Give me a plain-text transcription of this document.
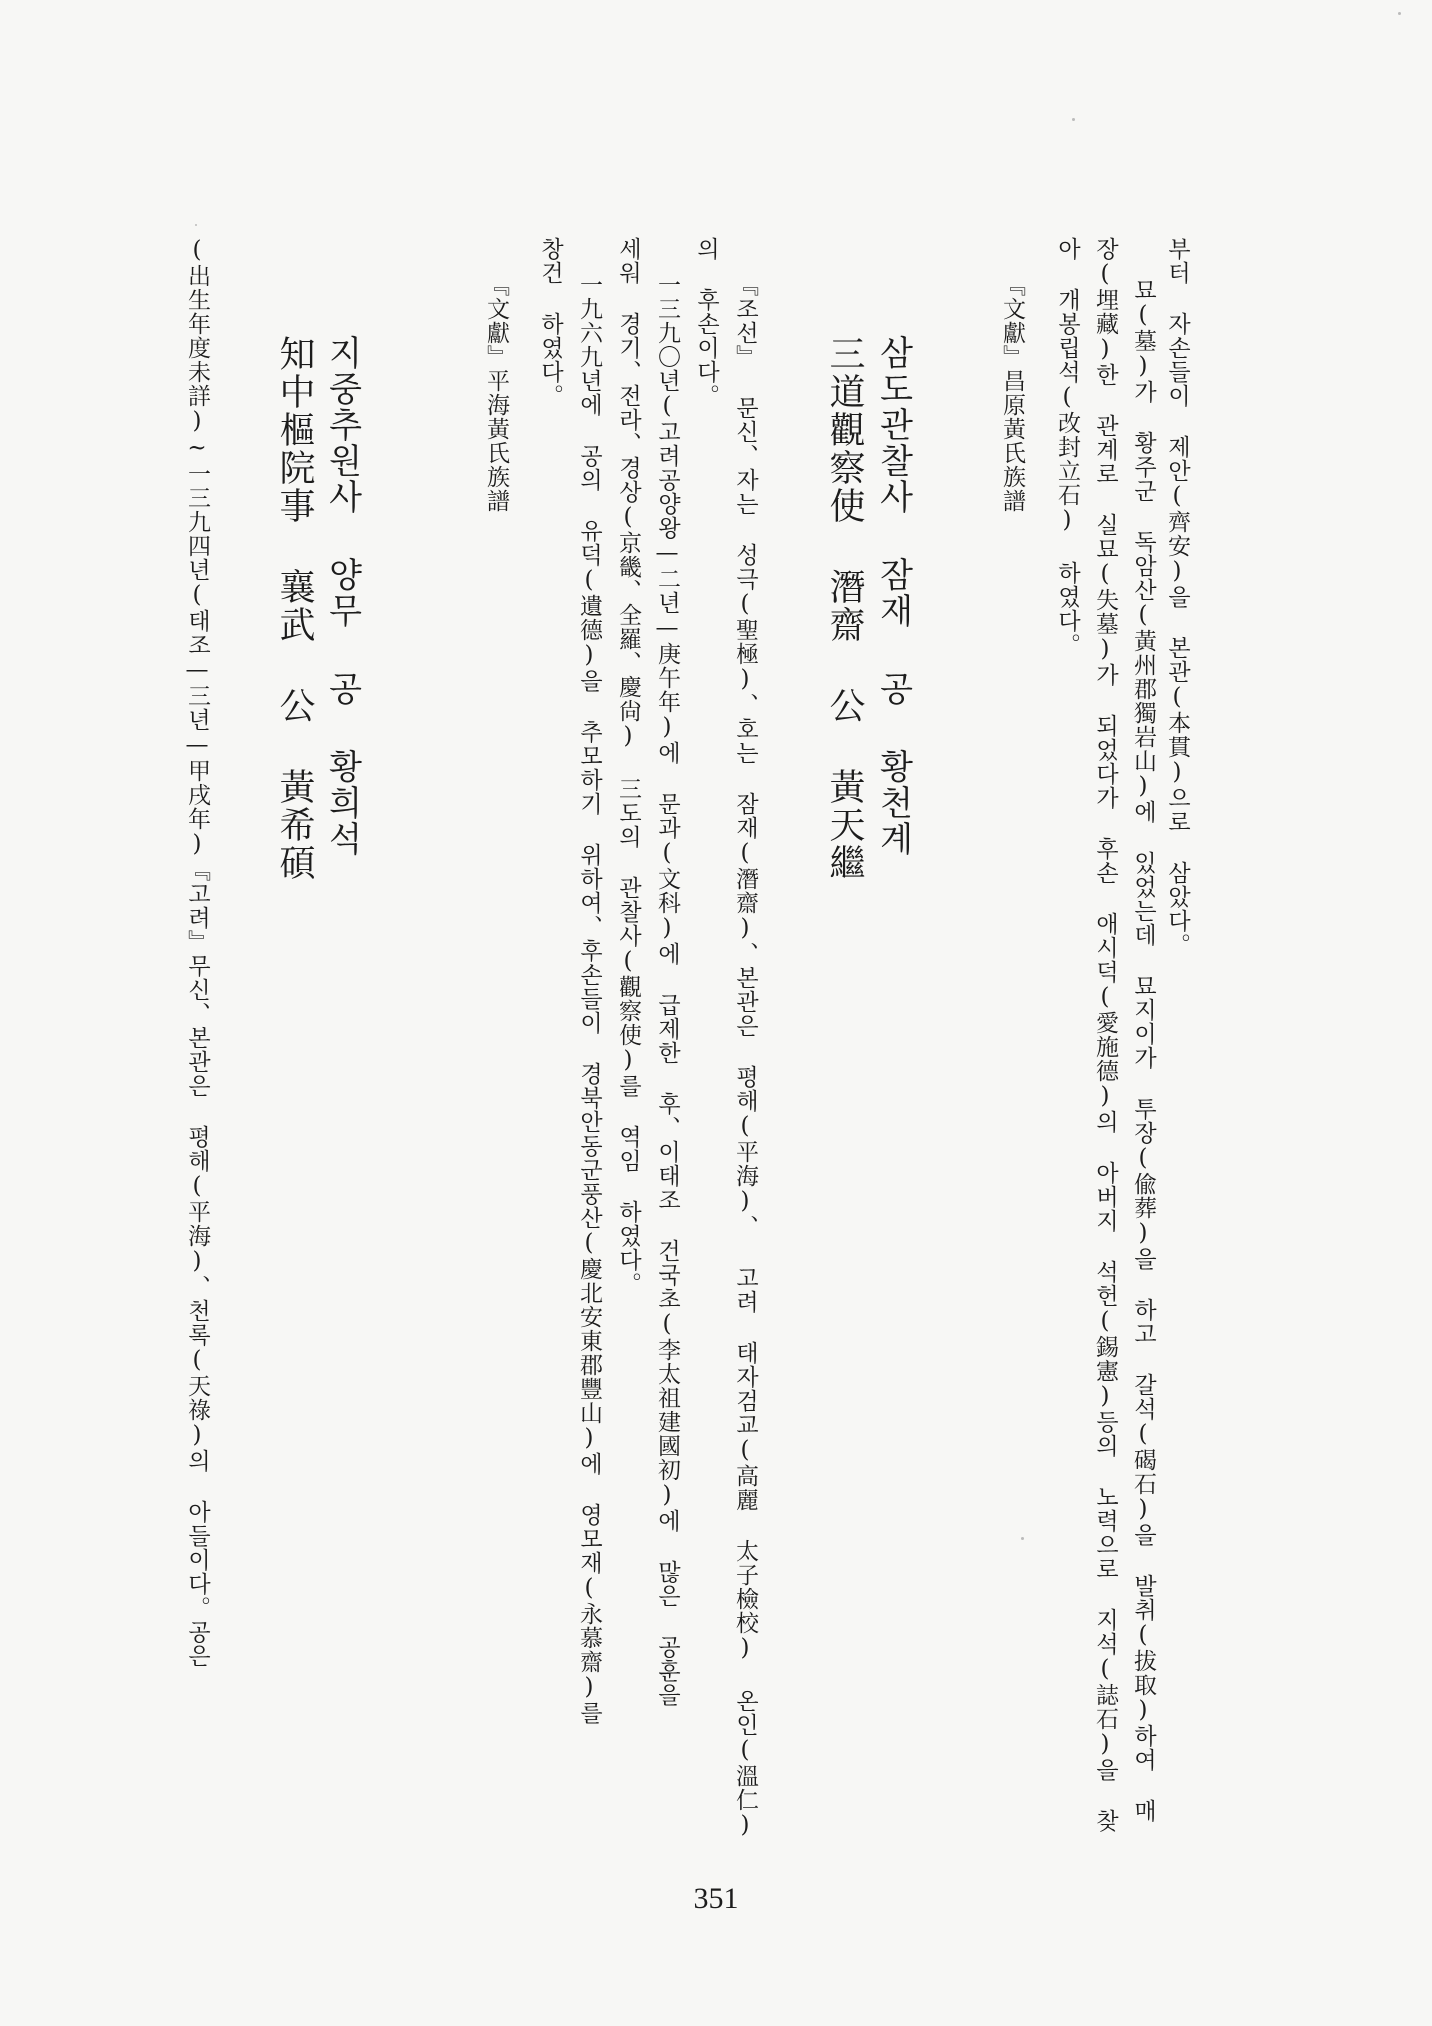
부터 자손들이 제안(齊安)을 본관(本貫)으로 삼았다。
묘(墓)가 황주군 독암산(黃州郡獨岩山)에 있었는데 묘지이가 투장(偸葬)을 하고 갈석(碣石)을 발취(拔取)하여 매
장(埋藏)한 관계로 실묘(失墓)가 되었다가 후손 애시덕(愛施德)의 아버지 석헌(錫憲)등의 노력으로 지석(誌石)을 찾
아 개봉립석(改封立石) 하였다。
『文獻』昌原黃氏族譜
삼도관찰사 잠재 공 황천계
三道觀察使 潛齋 公 黃天繼
『조선』 문신、자는 성극(聖極)、호는 잠재(潛齋)、본관은 평해(平海)、 고려 태자검교(高麗 太子檢校) 온인(溫仁)
의 후손이다。
一三九〇년(고려공양왕—二년—庚午年)에 문과(文科)에 급제한 후、이태조 건국초(李太祖建國初)에 많은 공훈을
세워 경기、전라、경상(京畿、全羅、慶尙) 三도의 관찰사(觀察使)를 역임 하였다。
一九六九년에 공의 유덕(遺德)을 추모하기 위하여、후손들이 경북안동군풍산(慶北安東郡豐山)에 영모재(永慕齋)를
창건 하였다。
『文獻』平海黃氏族譜
지중추원사 양무 공 황희석
知中樞院事 襄武 公 黃希碩
(出生年度未詳)~一三九四년(태조—三년—甲戌年)『고려』무신、본관은 평해(平海)、천록(天祿)의 아들이다。공은
351
